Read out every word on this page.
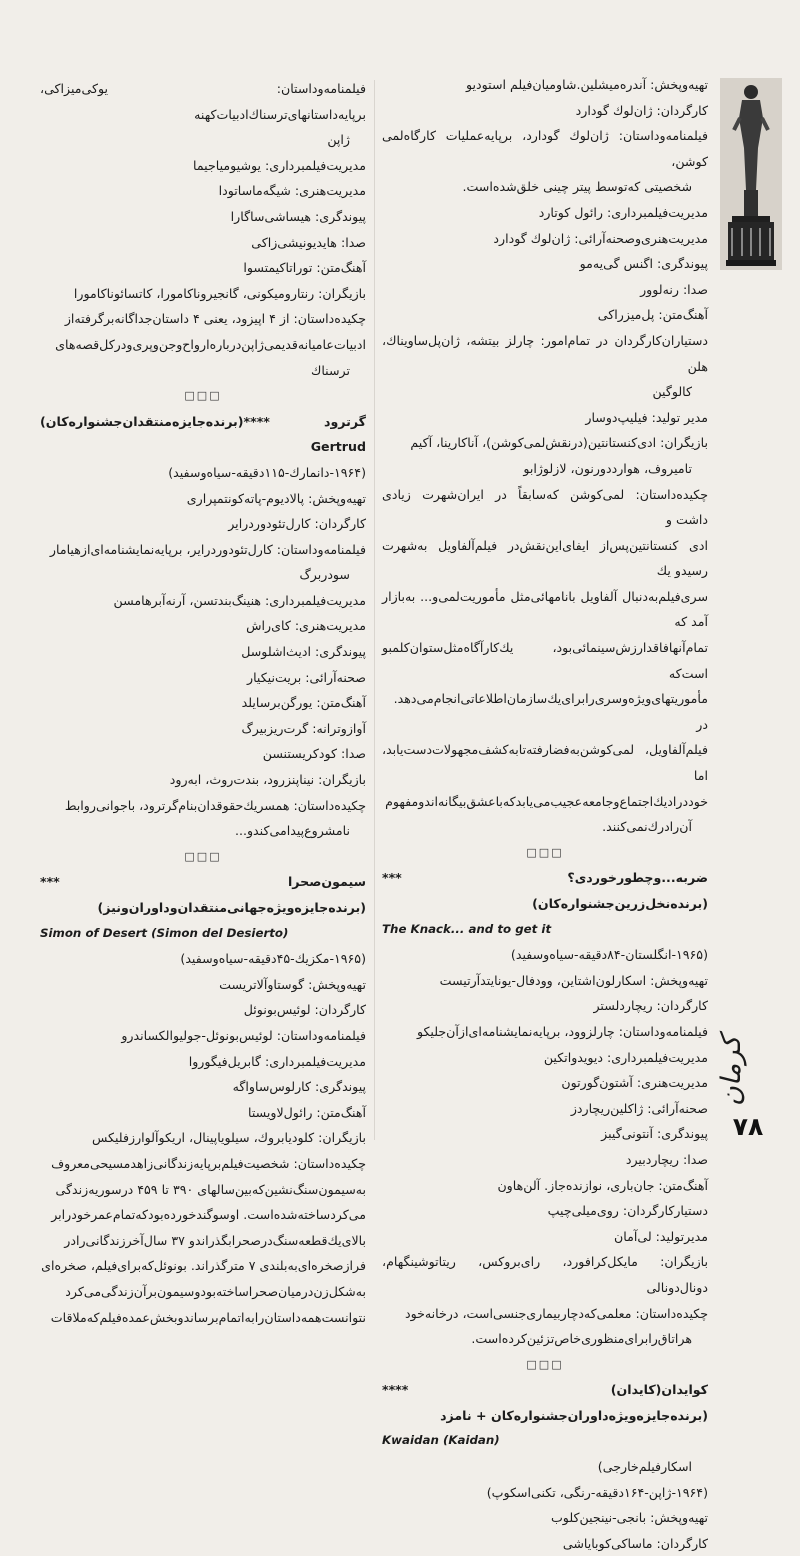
تهیه‌وپخش: آندره‌میشلین.شاومیان‌فیلم استودیو

کارگردان: ژان‌لوك گودارد

فیلمنامه‌وداستان: ژان‌لوك گودارد، برپایه‌عملیات کارگاه‌لمی کوشن،

شخصیتی که‌توسط پیتر چینی خلق‌شده‌است.

مدیریت‌فیلمبرداری: رائول کوتارد

مدیریت‌هنری‌وصحنه‌آرائی: ژان‌لوك گودارد

پیوندگری: اگنس گی‌یه‌مو

صدا: رنه‌لوور

آهنگ‌متن: پل‌میزراکی

دستیاران‌کارگردان در تمام‌امور: چارلز بیتشه، ژان‌پل‌ساویناك، هلن

کالوگین

مدیر تولید: فیلیپ‌دوسار

بازیگران: ادی‌کنستانتین(درنقش‌لمی‌کوشن)، آناکارینا، آکیم

تامیروف، هوارددورنون، لازلوژابو

چکیده‌داستان: لمی‌کوشن که‌سابقاً در ایران‌شهرت زیادی داشت و

ادی کنستانتین‌پس‌از ایفای‌این‌نقش‌در فیلم‌آلفاویل به‌شهرت رسیدو یك

سری‌فیلم‌به‌دنبال آلفاویل با‌نامهائی‌مثل مأموریت‌لمی‌و... به‌بازار آمد که

تمام‌آنها‌فاقدارزش‌سینمائی‌بود، یك‌کارآگاه‌مثل‌ستوان‌کلمبو است‌که

مأموریتهای‌ویژه‌و‌سری‌را‌برای‌یك‌سازمان‌اطلاعاتی‌انجام‌می‌دهد. در

فیلم‌آلفاویل، لمی‌کوشن‌به‌فضا‌رفته‌تا‌به‌کشف‌مجهولات‌دست‌یابد، اما

خود‌در‌اد‌یك‌اجتماع‌و‌جامعه‌عجیب‌می‌یابد‌که‌با‌عشق‌بیگانه‌اند‌و‌مفهوم

آن‌را‌درك‌نمی‌کنند.

□□□

ضربه...و‌چطور‌خوردی؟ ***(برنده‌نخل‌زرین‌جشنواره‌کان)

The Knack... and to get it

(۱۹۶۵-انگلستان-۸۴دقیقه-سیاه‌و‌سفید)

تهیه‌و‌پخش: اسکار‌لون‌اشتاین، وودفال-یونایتد‌آرتیست

کارگردان: ریچارد‌لستر

فیلمنامه‌و‌داستان: چارلز‌وود، برپایه‌نمایشنامه‌ای‌از‌آن‌جلیکو

مدیریت‌فیلمبرداری: دیوید‌واتکین

مدیریت‌هنری: آشتون‌گورتون

صحنه‌آرائی: ژاکلین‌ریچاردز

پیوندگری: آنتونی‌گیبز

صدا: ریچارد‌بیرد

آهنگ‌متن: جان‌باری، نوازنده‌جاز. آلن‌هاون

دستیار‌کارگردان: روی‌میلی‌چیپ

مدیر‌تولید: لی‌آمان

بازیگران: مایکل‌کرافورد، رای‌بروکس، ریتا‌توشینگهام، دونال‌دونالی

چکیده‌داستان: معلمی‌که‌دچار‌بیماری‌جنسی‌است، در‌خانه‌خود

هر‌اتاق‌را‌برای‌منظوری‌خاص‌تزئین‌کرده‌است.

□□□

کوایدان(کایدان) ****(برنده‌جایزه‌ویژه‌داوران‌جشنواره‌کان + نامزد

Kwaidan (Kaidan)

اسکار‌فیلم‌خارجی)

(۱۹۶۴-ژاپن-۱۶۴دقیقه-رنگی، تکنی‌اسکوپ)

تهیه‌و‌پخش: بانجی-نینجین‌کلوب

کارگردان: ماساکی‌کوبایاشی

فیلمنامه‌و‌داستان: یوکی‌میزاکی، برپایه‌داستانهای‌ترسناك‌ادبیات‌کهنه

ژاپن

مدیریت‌فیلمبرداری: یوشیو‌میاجیما

مدیریت‌هنری: شیگه‌ماسا‌تودا

پیوندگری: هیساشی‌ساگارا

صدا: هایدیو‌نیشی‌زاکی

آهنگ‌متن: تورا‌تاکیمتسوا

بازیگران: رنتارو‌میکونی، گانجیرو‌ناکامورا، کاتسائو‌ناکامورا

چکیده‌داستان: از ۴ اپیزود، یعنی ۴ داستان‌جداگانه‌برگرفته‌از

ادبیات‌عامیانه‌قدیمی‌ژاپن‌درباره‌ارواح‌و‌جن‌و‌پری‌و‌در‌کل‌قصه‌های

ترسناك

□□□

گرترود ****(برنده‌جایزه‌منتقدان‌جشنواره‌کان) Gertrud

(۱۹۶۴-دانمارك-۱۱۵دقیقه-سیاه‌و‌سفید)

تهیه‌و‌پخش: پالادیوم-پاته‌کونتمپراری

کارگردان: کارل‌تئودور‌درایر

فیلمنامه‌و‌داستان: کارل‌تئودور‌درایر، برپایه‌نمایشنامه‌ای‌از‌هیامار

سودربرگ

مدیریت‌فیلمبرداری: هنینگ‌بندتسن، آرنه‌آبرهامسن

مدیریت‌هنری: کای‌راش

پیوندگری: ادیث‌اشلوسل

صحنه‌آرائی: بریت‌نیکیار

آهنگ‌متن: یورگن‌برسایلد

آواز‌و‌ترانه: گرت‌ریزبیرگ

صدا: کود‌کریستنسن

بازیگران: نینا‌پنز‌رود، بندت‌روث، ابه‌رود

چکیده‌داستان: همسر‌یك‌حقوقدان‌بنام‌گرترود، با‌جوانی‌روابط

نامشروع‌پیدامی‌کند‌و...

□□□

سیمون‌صحرا ***(برنده‌جایزه‌ویژه‌جهانی‌منتقدان‌و‌داوران‌ونیز)

Simon of Desert (Simon del Desierto)

(۱۹۶۵-مکزیك-۴۵دقیقه-سیاه‌و‌سفید)

تهیه‌و‌پخش: گوستاو‌آلاتریست

کارگردان: لوئیس‌بونوئل

فیلمنامه‌و‌داستان: لوئیس‌بونوئل-جولیو‌الکساندرو

مدیریت‌فیلمبرداری: گابریل‌فیگوروا

پیوندگری: کارلوس‌ساواگه

آهنگ‌متن: رائول‌لاویستا

بازیگران: کلودیا‌بروك، سیلویا‌پینال، اریکو‌آلوارز‌فلیکس

چکیده‌داستان: شخصیت‌فیلم‌برپایه‌زندگانی‌زاهد‌مسیحی‌معروف

به‌سیمون‌سنگ‌نشین‌که‌بین‌سالهای ۳۹۰ تا ۴۵۹ در‌سوریه‌زندگی

می‌کرد‌ساخته‌شده‌است. او‌سوگند‌خورده‌بود‌که‌تمام‌عمر‌خود‌را‌بر

بالای‌یك‌قطعه‌سنگ‌در‌صحرا‌بگذراند‌و ۳۷ سال‌آخر‌زندگانی‌را‌در

فراز‌صخره‌ای‌به‌بلندی ۷ متر‌گذراند. بونوئل‌که‌برای‌فیلم، صخره‌ای

به‌شکل‌زن‌در‌میان‌صحرا‌ساخته‌بود‌و‌سیمون‌بر‌آن‌زندگی‌می‌کرد

نتوانست‌همه‌داستان‌را‌به‌اتمام‌برساند‌و‌بخش‌عمده‌فیلم‌که‌ملاقات

کرمان
۷۸
